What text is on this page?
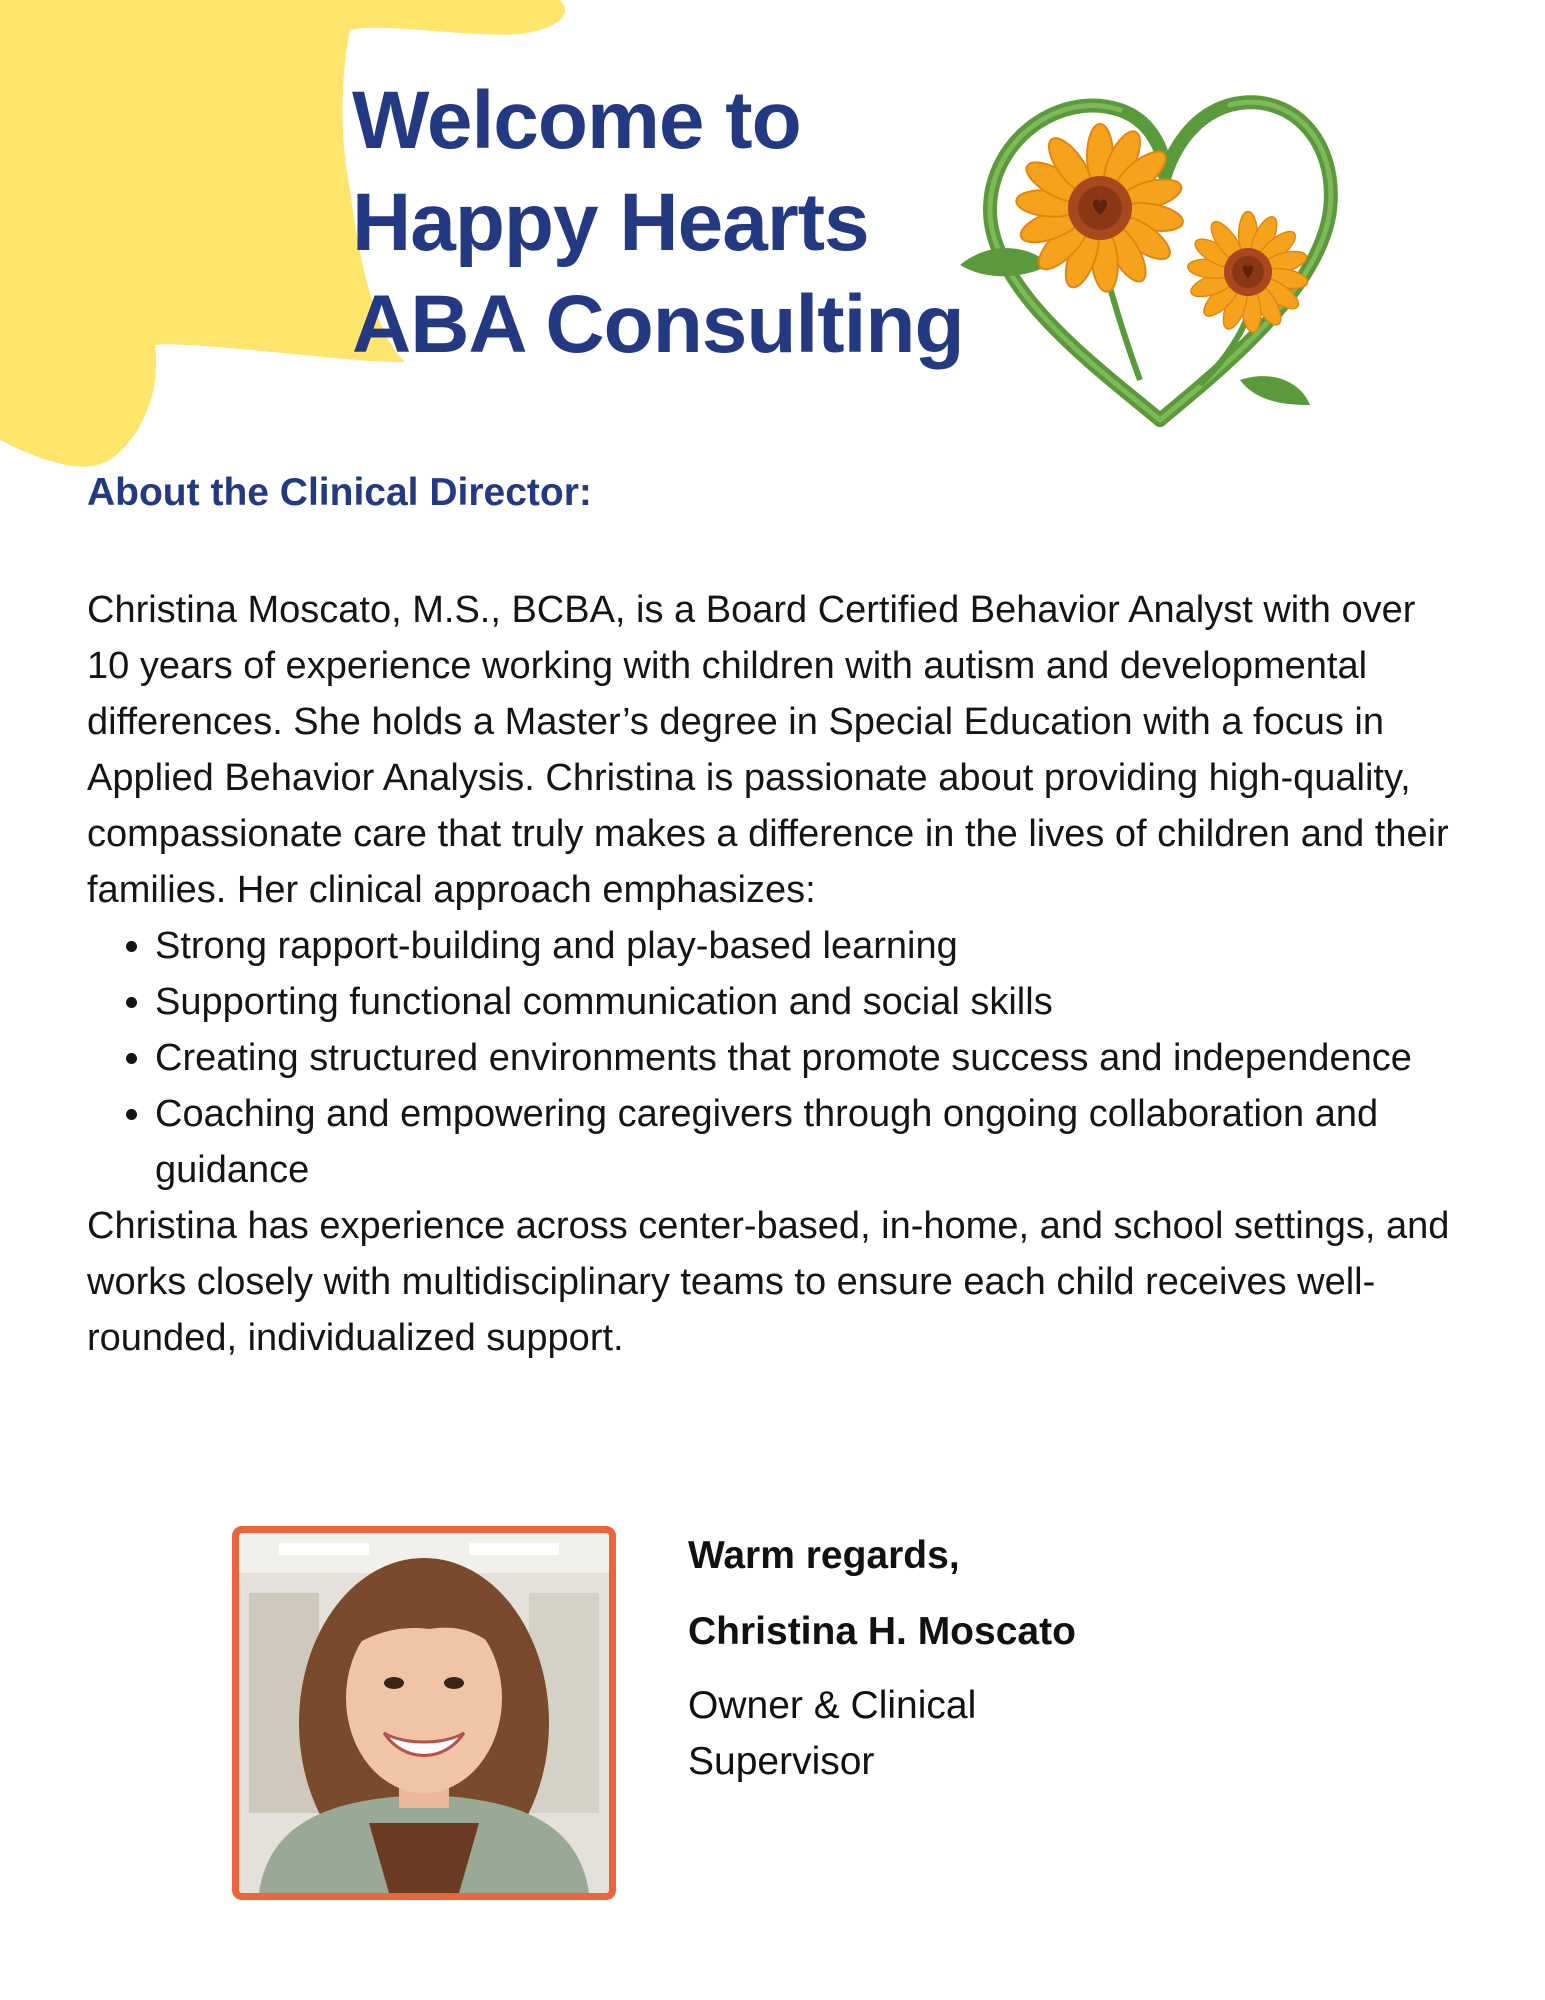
Welcome to
Happy Hearts
ABA Consulting
About the Clinical Director:

Christina Moscato, M.S., BCBA, is a Board Certified Behavior Analyst with over 10 years of experience working with children with autism and developmental differences. She holds a Master’s degree in Special Education with a focus in Applied Behavior Analysis. Christina is passionate about providing high-quality, compassionate care that truly makes a difference in the lives of children and their families. Her clinical approach emphasizes:

• Strong rapport-building and play-based learning
• Supporting functional communication and social skills
• Creating structured environments that promote success and independence
• Coaching and empowering caregivers through ongoing collaboration and guidance

Christina has experience across center-based, in-home, and school settings, and works closely with multidisciplinary teams to ensure each child receives well-rounded, individualized support.

Warm regards,

Christina H. Moscato

Owner & Clinical Supervisor
